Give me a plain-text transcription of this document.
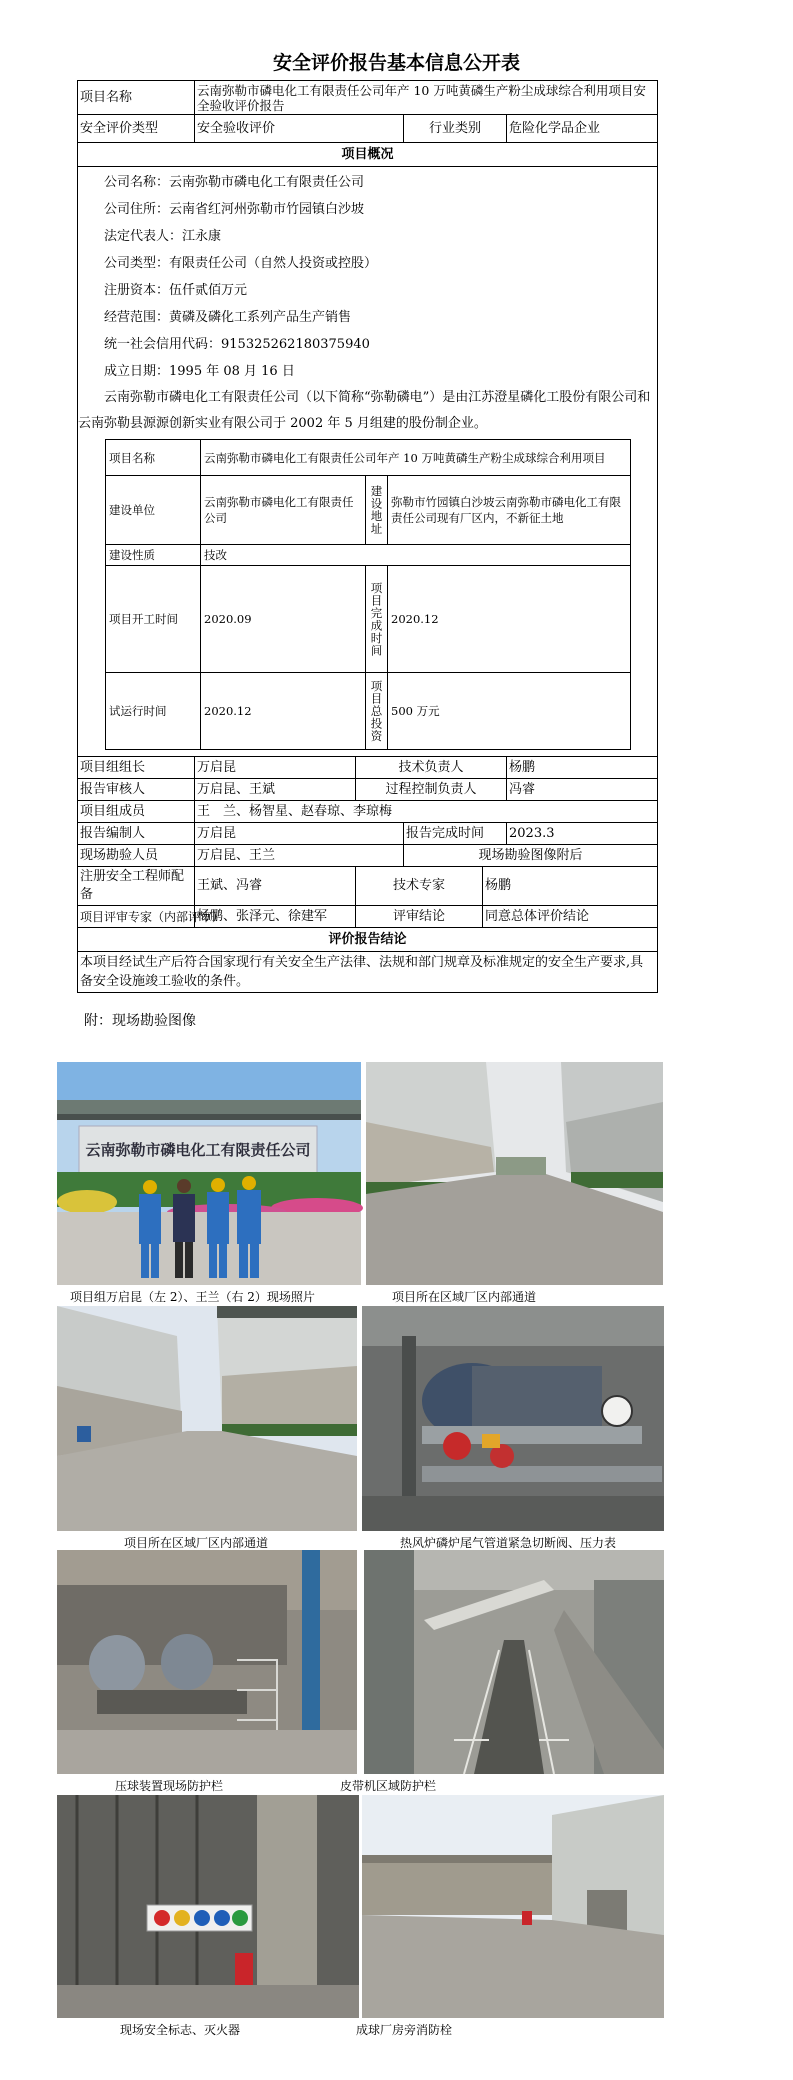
安全评价报告基本信息公开表
项目名称	云南弥勒市磷电化工有限责任公司年产 10 万吨黄磷生产粉尘成球综合利用项目安全验收评价报告
安全评价类型	安全验收评价	行业类别	危险化学品企业
项目概况

公司名称：云南弥勒市磷电化工有限责任公司

公司住所：云南省红河州弥勒市竹园镇白沙坡

法定代表人：江永康

公司类型：有限责任公司（自然人投资或控股）

注册资本：伍仟贰佰万元

经营范围：黄磷及磷化工系列产品生产销售

统一社会信用代码：915325262180375940

成立日期：1995 年 08 月 16 日

云南弥勒市磷电化工有限责任公司（以下简称“弥勒磷电”）是由江苏澄星磷化工股份有限公司和云南弥勒县源源创新实业有限公司于 2002 年 5 月组建的股份制企业。

项目名称	云南弥勒市磷电化工有限责任公司年产 10 万吨黄磷生产粉尘成球综合利用项目
建设单位	云南弥勒市磷电化工有限责任公司	建设地址	弥勒市竹园镇白沙坡云南弥勒市磷电化工有限责任公司现有厂区内，不新征土地
建设性质	技改
项目开工时间	2020.09	项目完成时间	2020.12
试运行时间	2020.12	项目总投资	500 万元

项目组组长	万启昆	技术负责人	杨鹏
报告审核人	万启昆、王斌	过程控制负责人	冯睿
项目组成员	王　兰、杨智星、赵春琼、李琼梅
报告编制人	万启昆	报告完成时间	2023.3
现场勘验人员	万启昆、王兰	现场勘验图像附后
注册安全工程师配备	王斌、冯睿	技术专家	杨鹏
项目评审专家（内部评审）	杨鹏、张泽元、徐建军	评审结论	同意总体评价结论
评价报告结论
本项目经试生产后符合国家现行有关安全生产法律、法规和部门规章及标准规定的安全生产要求,具备安全设施竣工验收的条件。
附：现场勘验图像
云南弥勒市磷电化工有限责任公司
项目组万启昆（左 2）、王兰（右 2）现场照片	项目所在区域厂区内部通道
项目所在区域厂区内部通道	热风炉磷炉尾气管道紧急切断阀、压力表
压球装置现场防护栏	皮带机区域防护栏
现场安全标志、灭火器	成球厂房旁消防栓
